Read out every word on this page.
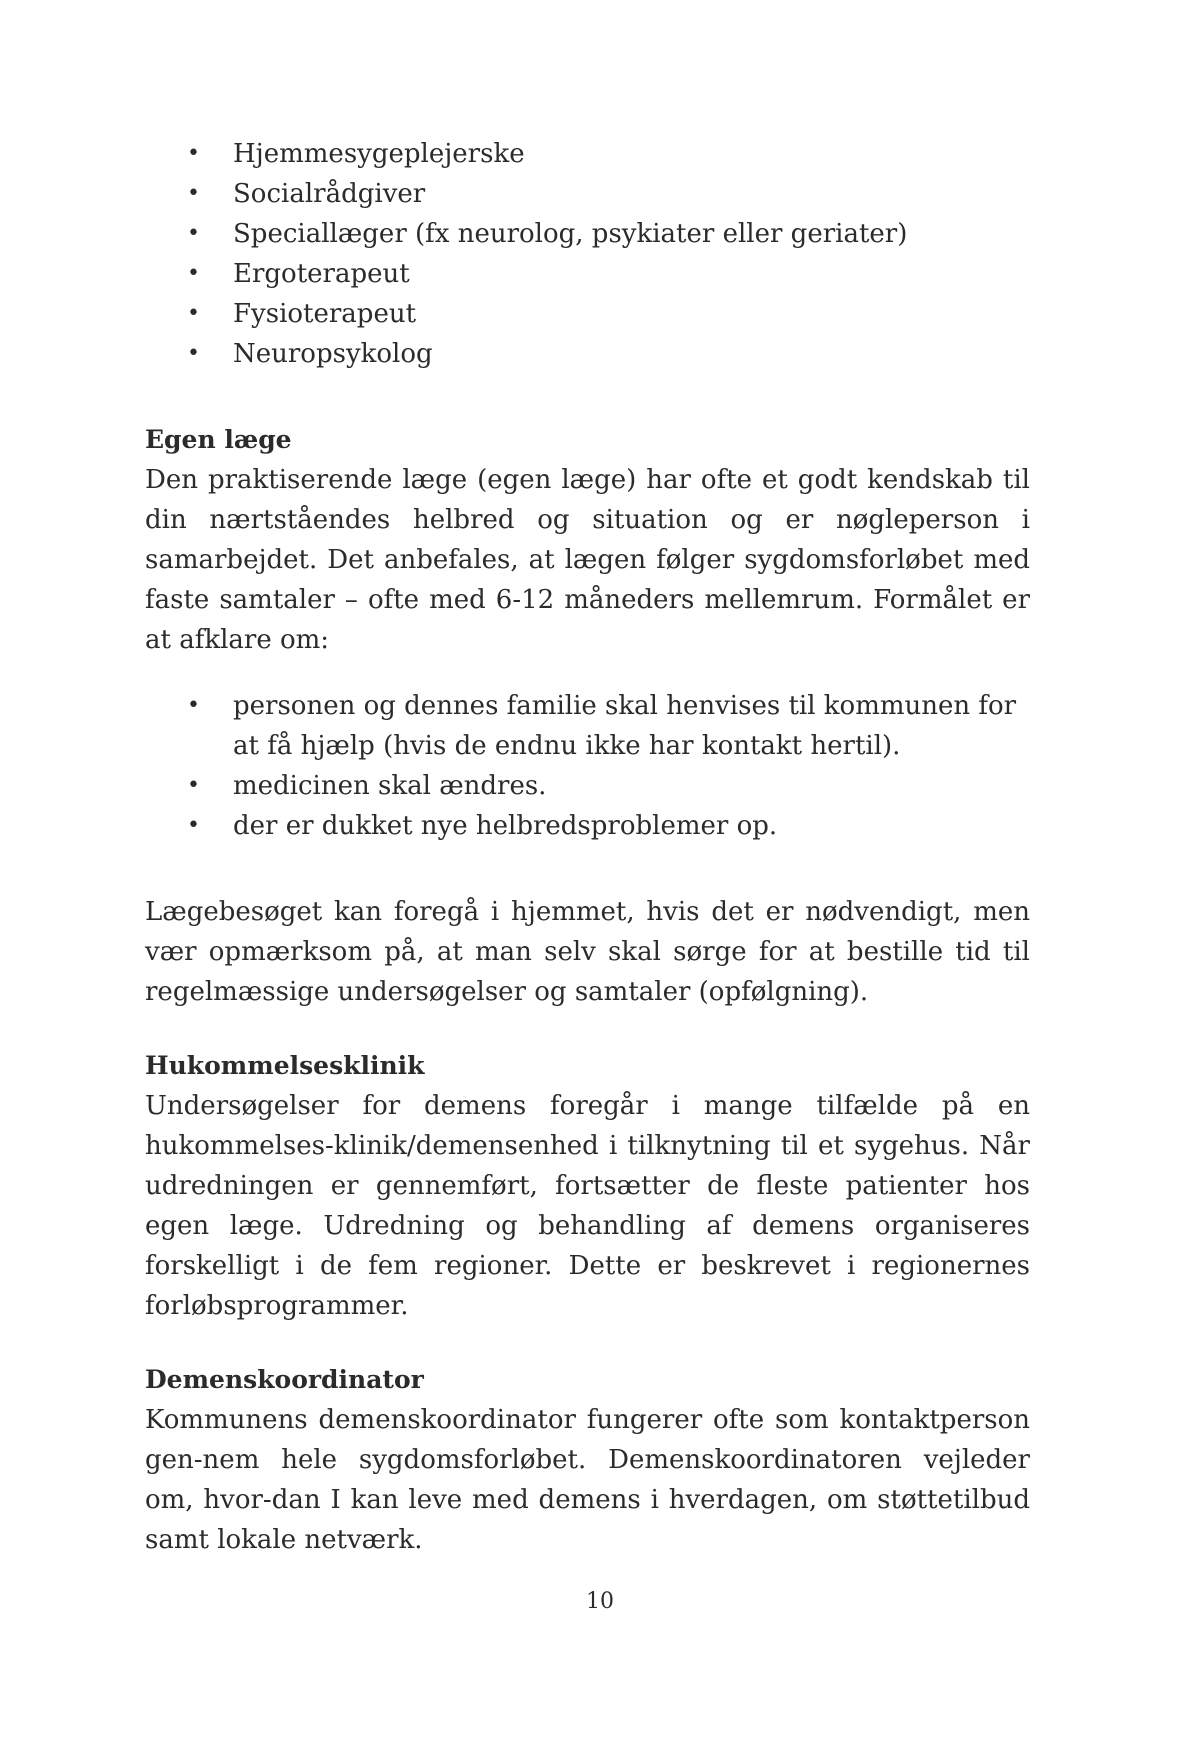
• Hjemmesygeplejerske
• Socialrådgiver
• Speciallæger (fx neurolog, psykiater eller geriater)
• Ergoterapeut
• Fysioterapeut
• Neuropsykolog
Egen læge

Den praktiserende læge (egen læge) har ofte et godt kendskab til din nærtståendes helbred og situation og er nøgleperson i samarbejdet. Det anbefales, at lægen følger sygdomsforløbet med faste samtaler – ofte med 6-12 måneders mellemrum. Formålet er at afklare om:

• personen og dennes familie skal henvises til kommunen for at få hjælp (hvis de endnu ikke har kontakt hertil).
• medicinen skal ændres.
• der er dukket nye helbredsproblemer op.

Lægebesøget kan foregå i hjemmet, hvis det er nødvendigt, men vær opmærksom på, at man selv skal sørge for at bestille tid til regelmæssige undersøgelser og samtaler (opfølgning).

Hukommelsesklinik

Undersøgelser for demens foregår i mange tilfælde på en hukommelses-klinik/demensenhed i tilknytning til et sygehus. Når udredningen er gennemført, fortsætter de fleste patienter hos egen læge. Udredning og behandling af demens organiseres forskelligt i de fem regioner. Dette er beskrevet i regionernes forløbsprogrammer.

Demenskoordinator

Kommunens demenskoordinator fungerer ofte som kontaktperson gen-nem hele sygdomsforløbet. Demenskoordinatoren vejleder om, hvor-dan I kan leve med demens i hverdagen, om støttetilbud samt lokale netværk.

10
